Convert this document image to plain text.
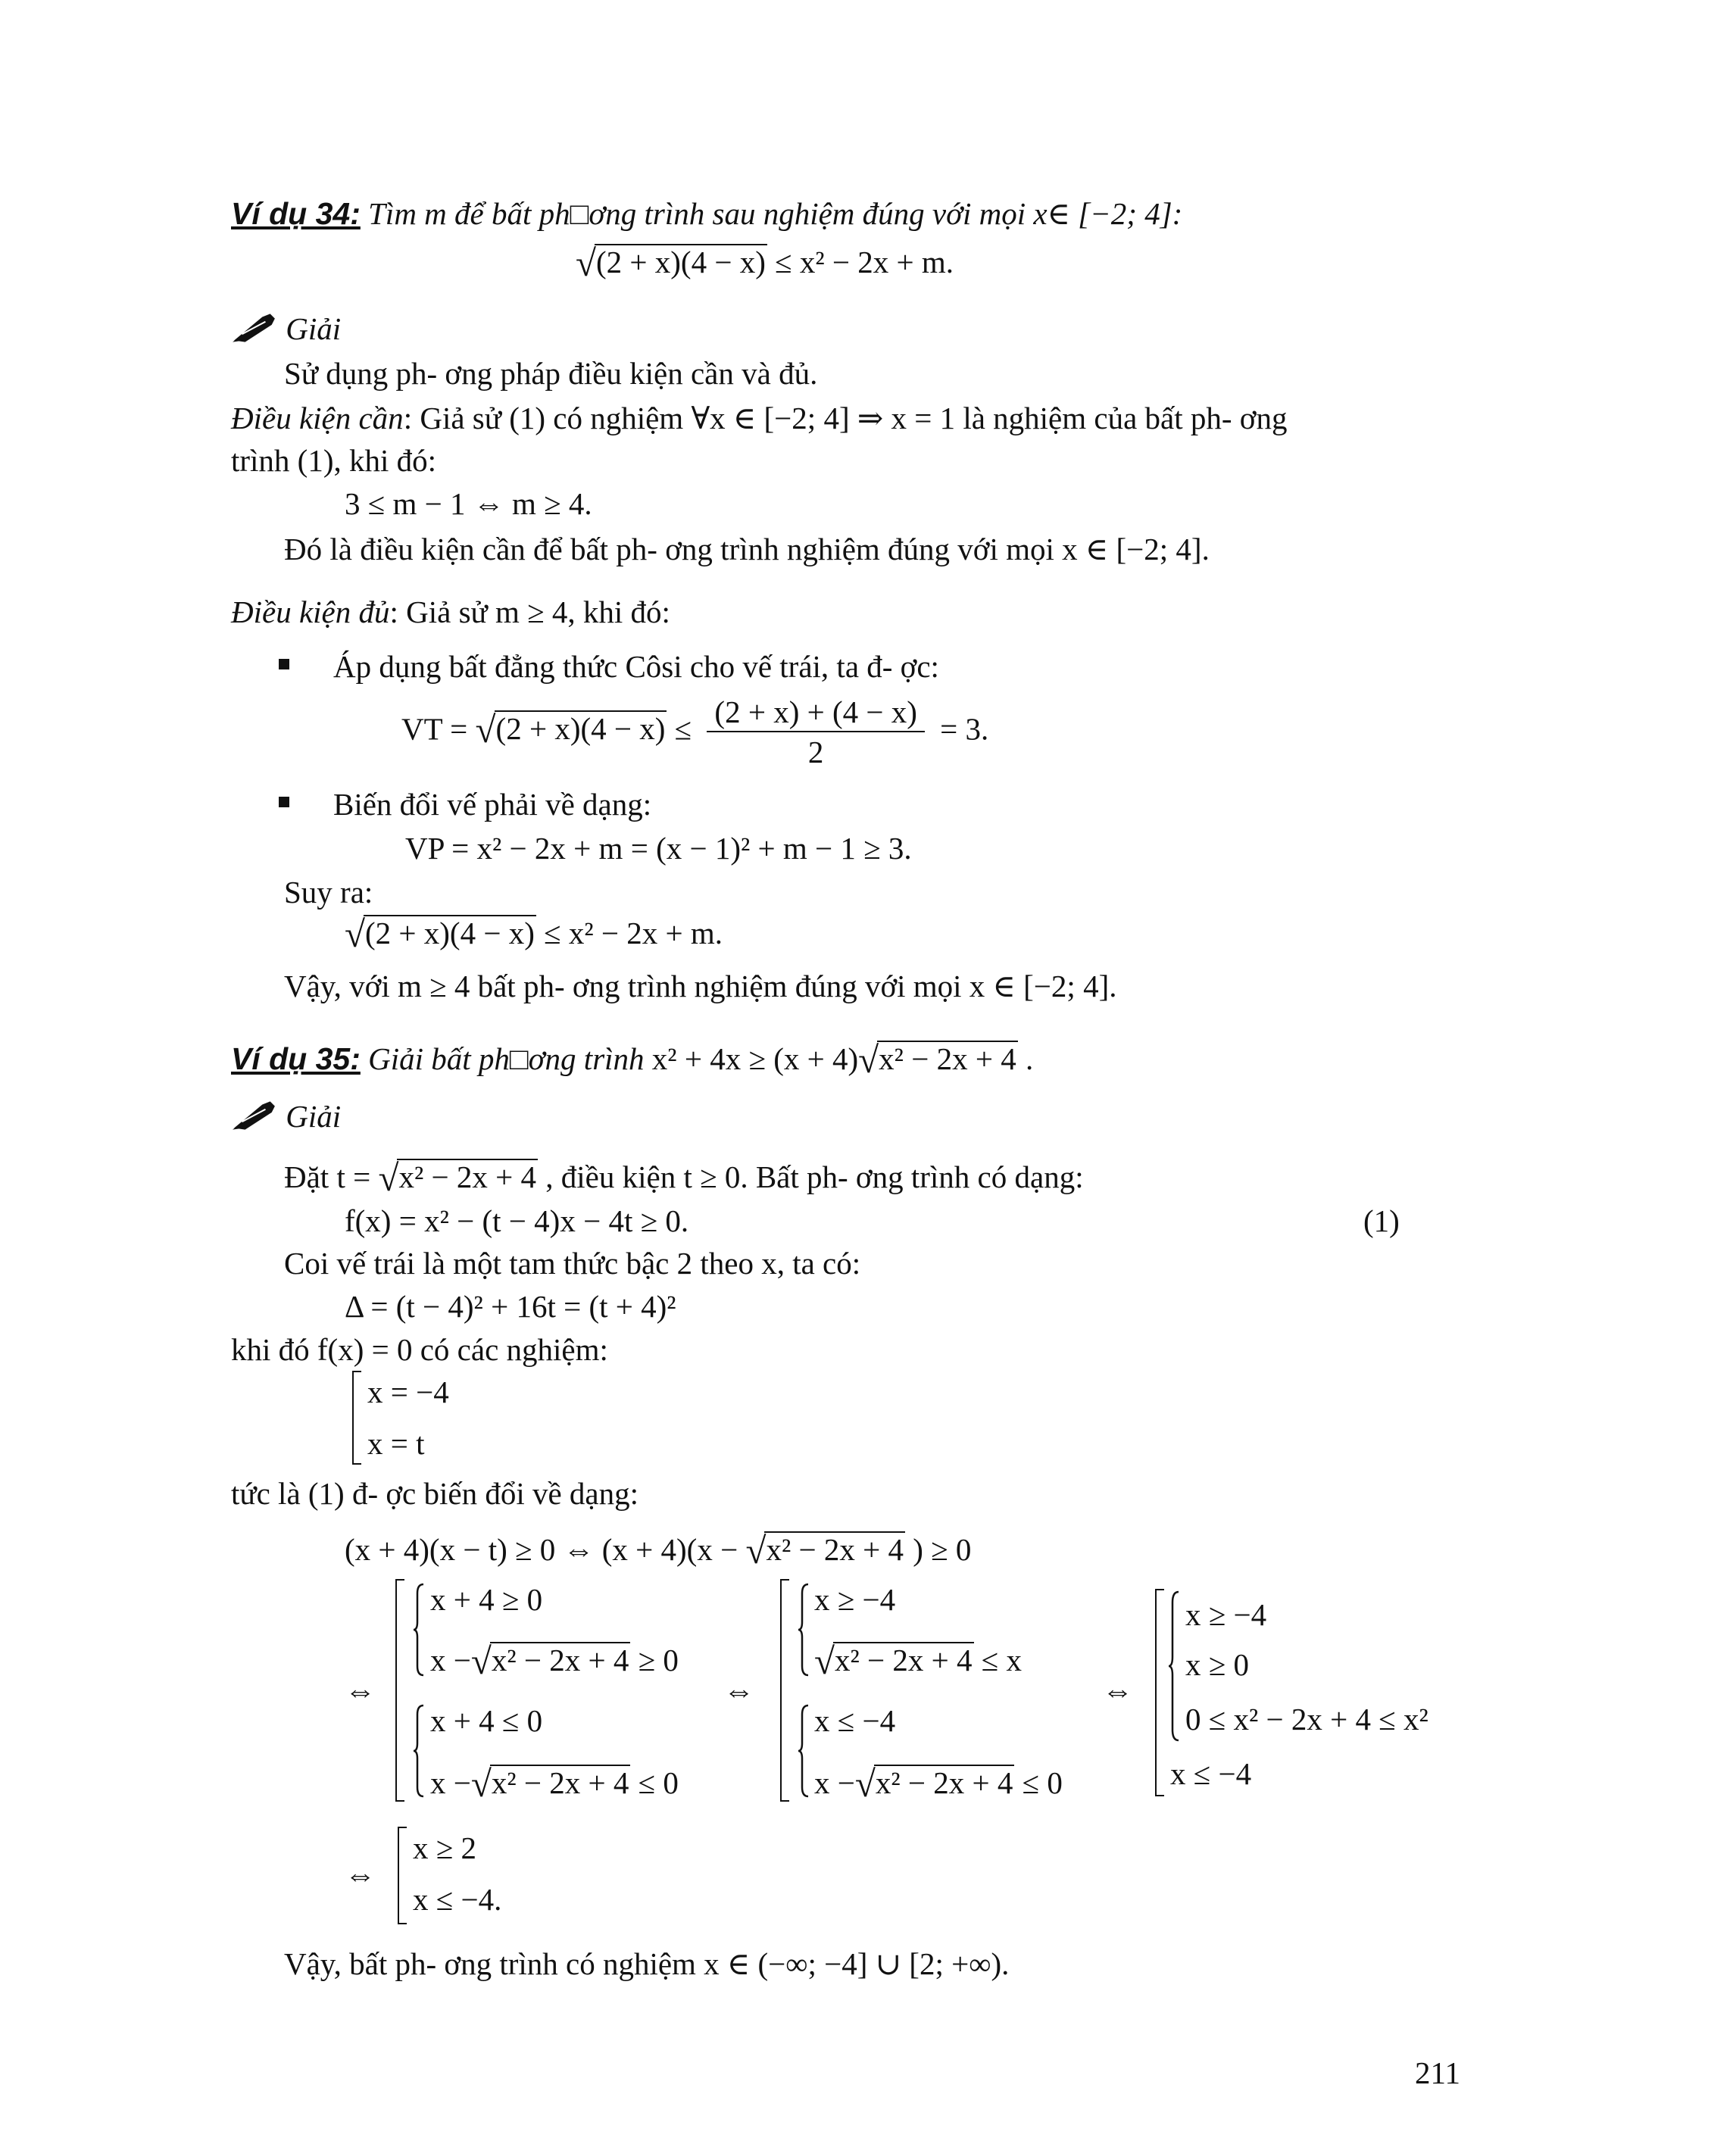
Ví dụ 34: Tìm m để bất ph□ơng trình sau nghiệm đúng với mọi x∈ [−2; 4]:
√(2 + x)(4 − x) ≤ x² − 2x + m.
Giải
Sử dụng ph- ơng pháp điều kiện cần và đủ.
Điều kiện cần: Giả sử (1) có nghiệm ∀x ∈ [−2; 4] ⇒ x = 1 là nghiệm của bất ph- ơng
trình (1), khi đó:
3 ≤ m − 1 ⇔ m ≥ 4.
Đó là điều kiện cần để bất ph- ơng trình nghiệm đúng với mọi x ∈ [−2; 4].
Điều kiện đủ: Giả sử m ≥ 4, khi đó:
Áp dụng bất đẳng thức Côsi cho vế trái, ta đ- ợc:
VT = $√(2 + x)(4 - x) \le \frac{(2 + x) + (4 - x)}{2} = 3$.
Biến đổi vế phải về dạng:
VP = x² − 2x + m = (x − 1)² + m − 1 ≥ 3.
Suy ra:
√(2 + x)(4 − x) ≤ x² − 2x + m.
Vậy, với m ≥ 4 bất ph- ơng trình nghiệm đúng với mọi x ∈ [−2; 4].
Ví dụ 35: Giải bất ph□ơng trình x² + 4x ≥ (x + 4)√x² − 2x + 4 .
Giải
Đặt t = √x² − 2x + 4 , điều kiện t ≥ 0. Bất ph- ơng trình có dạng:
f(x) = x² − (t − 4)x − 4t ≥ 0.	(1)
Coi vế trái là một tam thức bậc 2 theo x, ta có:
Δ = (t − 4)² + 16t = (t + 4)²
khi đó f(x) = 0 có các nghiệm:
x = −4
x = t
tức là (1) đ- ợc biến đổi về dạng:
(x + 4)(x − t) ≥ 0 ⇔ (x + 4)(x − √x² − 2x + 4 ) ≥ 0
⇔
x + 4 ≥ 0
x −√x² − 2x + 4 ≥ 0
x + 4 ≤ 0
x −√x² − 2x + 4 ≤ 0
⇔
x ≥ −4
√x² − 2x + 4 ≤ x
x ≤ −4
x −√x² − 2x + 4 ≤ 0
⇔
x ≥ −4
x ≥ 0
0 ≤ x² − 2x + 4 ≤ x²
x ≤ −4
⇔
x ≥ 2
x ≤ −4.
Vậy, bất ph- ơng trình có nghiệm x ∈ (−∞; −4] ∪ [2; +∞).
211
